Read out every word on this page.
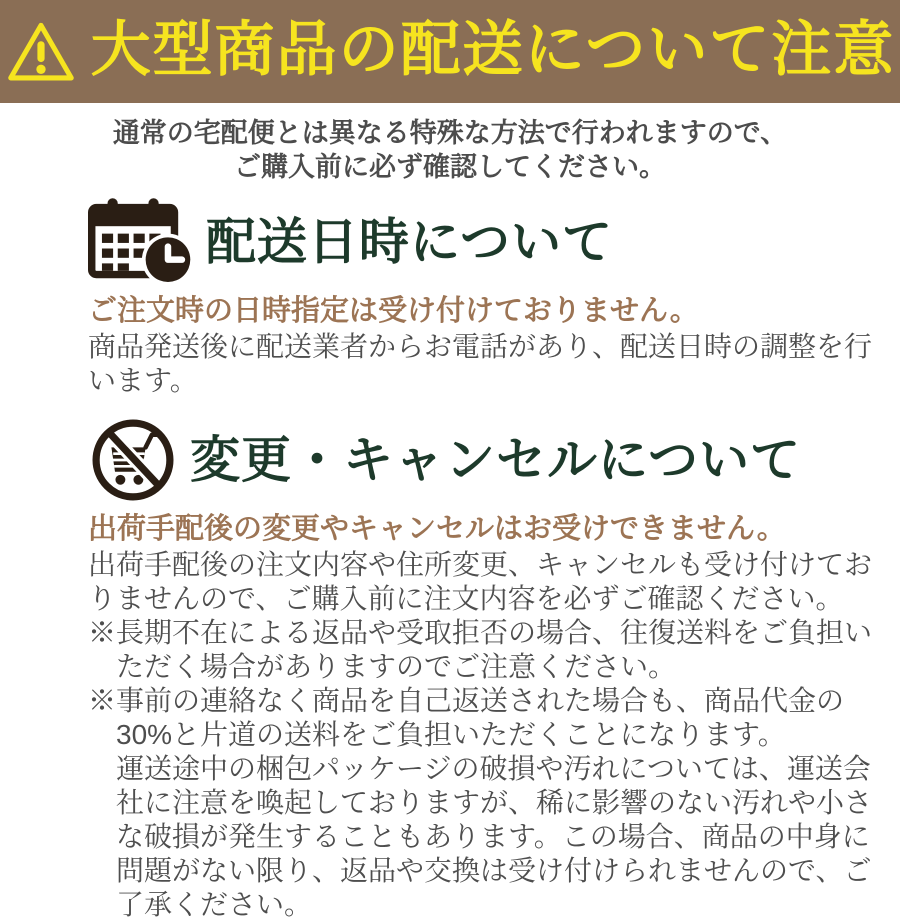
大型商品の配送について注意

通常の宅配便とは異なる特殊な方法で行われますので、
ご購入前に必ず確認してください。

配送日時について

ご注文時の日時指定は受け付けておりません。

商品発送後に配送業者からお電話があり、配送日時の調整を行います。

変更・キャンセルについて

出荷手配後の変更やキャンセルはお受けできません。

出荷手配後の注文内容や住所変更、キャンセルも受け付けておりませんので、ご購入前に注文内容を必ずご確認ください。

※長期不在による返品や受取拒否の場合、往復送料をご負担いただく場合がありますのでご注意ください。

※事前の連絡なく商品を自己返送された場合も、商品代金の30%と片道の送料をご負担いただくことになります。

運送途中の梱包パッケージの破損や汚れについては、運送会社に注意を喚起しておりますが、稀に影響のない汚れや小さな破損が発生することもあります。この場合、商品の中身に問題がない限り、返品や交換は受け付けられませんので、ご了承ください。
